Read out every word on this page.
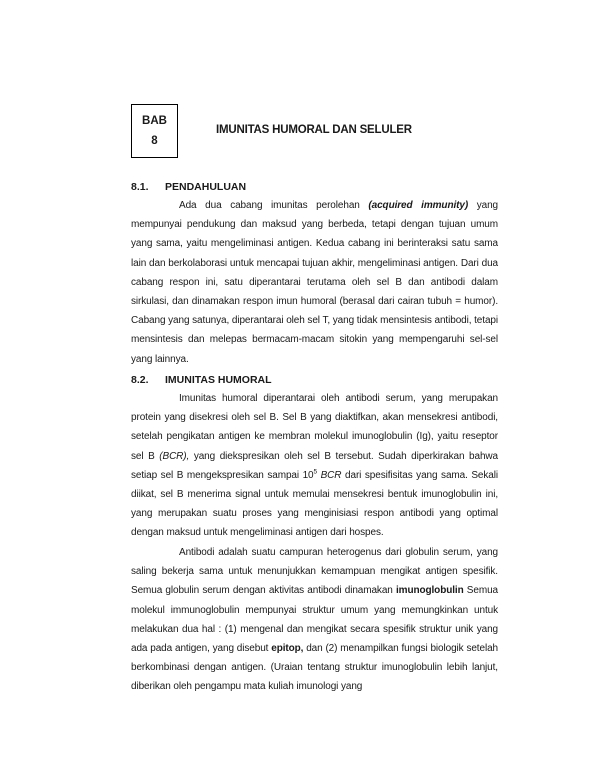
BAB
8
IMUNITAS HUMORAL DAN SELULER
8.1. PENDAHULUAN

Ada dua cabang imunitas perolehan (acquired immunity) yang mempunyai pendukung dan maksud yang berbeda, tetapi dengan tujuan umum yang sama, yaitu mengeliminasi antigen. Kedua cabang ini berinteraksi satu sama lain dan berkolaborasi untuk mencapai tujuan akhir, mengeliminasi antigen. Dari dua cabang respon ini, satu diperantarai terutama oleh sel B dan antibodi dalam sirkulasi, dan dinamakan respon imun humoral (berasal dari cairan tubuh = humor). Cabang yang satunya, diperantarai oleh sel T, yang tidak mensintesis antibodi, tetapi mensintesis dan melepas bermacam-macam sitokin yang mempengaruhi sel-sel yang lainnya.

8.2. IMUNITAS HUMORAL

Imunitas humoral diperantarai oleh antibodi serum, yang merupakan protein yang disekresi oleh sel B. Sel B yang diaktifkan, akan mensekresi antibodi, setelah pengikatan antigen ke membran molekul imunoglobulin (Ig), yaitu reseptor sel B (BCR), yang diekspresikan oleh sel B tersebut. Sudah diperkirakan bahwa setiap sel B mengekspresikan sampai $10^5$ BCR dari spesifisitas yang sama. Sekali diikat, sel B menerima signal untuk memulai mensekresi bentuk imunoglobulin ini, yang merupakan suatu proses yang menginisiasi respon antibodi yang optimal dengan maksud untuk mengeliminasi antigen dari hospes.

Antibodi adalah suatu campuran heterogenus dari globulin serum, yang saling bekerja sama untuk menunjukkan kemampuan mengikat antigen spesifik. Semua globulin serum dengan aktivitas antibodi dinamakan imunoglobulin Semua molekul immunoglobulin mempunyai struktur umum yang memungkinkan untuk melakukan dua hal : (1) mengenal dan mengikat secara spesifik struktur unik yang ada pada antigen, yang disebut epitop, dan (2) menampilkan fungsi biologik setelah berkombinasi dengan antigen. (Uraian tentang struktur imunoglobulin lebih lanjut, diberikan oleh pengampu mata kuliah imunologi yang
